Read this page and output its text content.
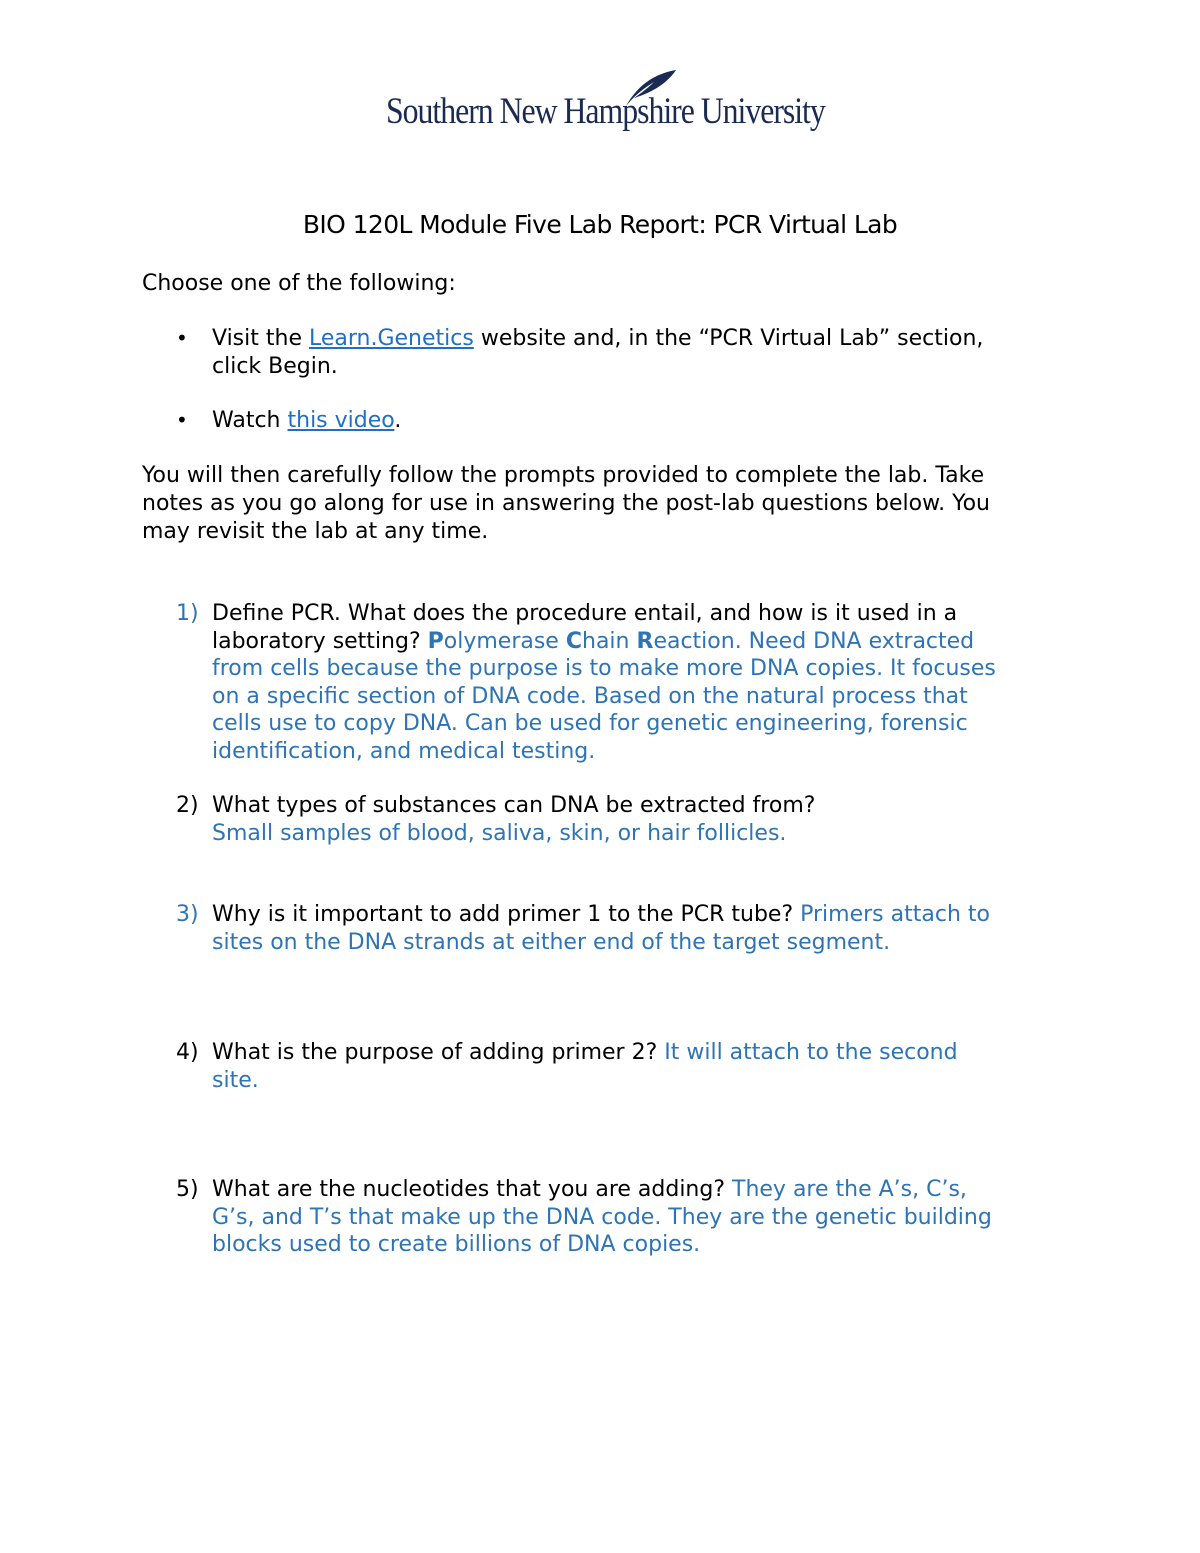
Southern New Hampshire University
BIO 120L Module Five Lab Report: PCR Virtual Lab
Choose one of the following:
• Visit the Learn.Genetics website and, in the “PCR Virtual Lab” section,
click Begin.
• Watch this video.
You will then carefully follow the prompts provided to complete the lab. Take
notes as you go along for use in answering the post-lab questions below. You
may revisit the lab at any time.
1) Define PCR. What does the procedure entail, and how is it used in a
laboratory setting? Polymerase Chain Reaction. Need DNA extracted
from cells because the purpose is to make more DNA copies. It focuses
on a specific section of DNA code. Based on the natural process that
cells use to copy DNA. Can be used for genetic engineering, forensic
identification, and medical testing.
2) What types of substances can DNA be extracted from?
Small samples of blood, saliva, skin, or hair follicles.
3) Why is it important to add primer 1 to the PCR tube? Primers attach to
sites on the DNA strands at either end of the target segment.
4) What is the purpose of adding primer 2? It will attach to the second
site.
5) What are the nucleotides that you are adding? They are the A’s, C’s,
G’s, and T’s that make up the DNA code. They are the genetic building
blocks used to create billions of DNA copies.
